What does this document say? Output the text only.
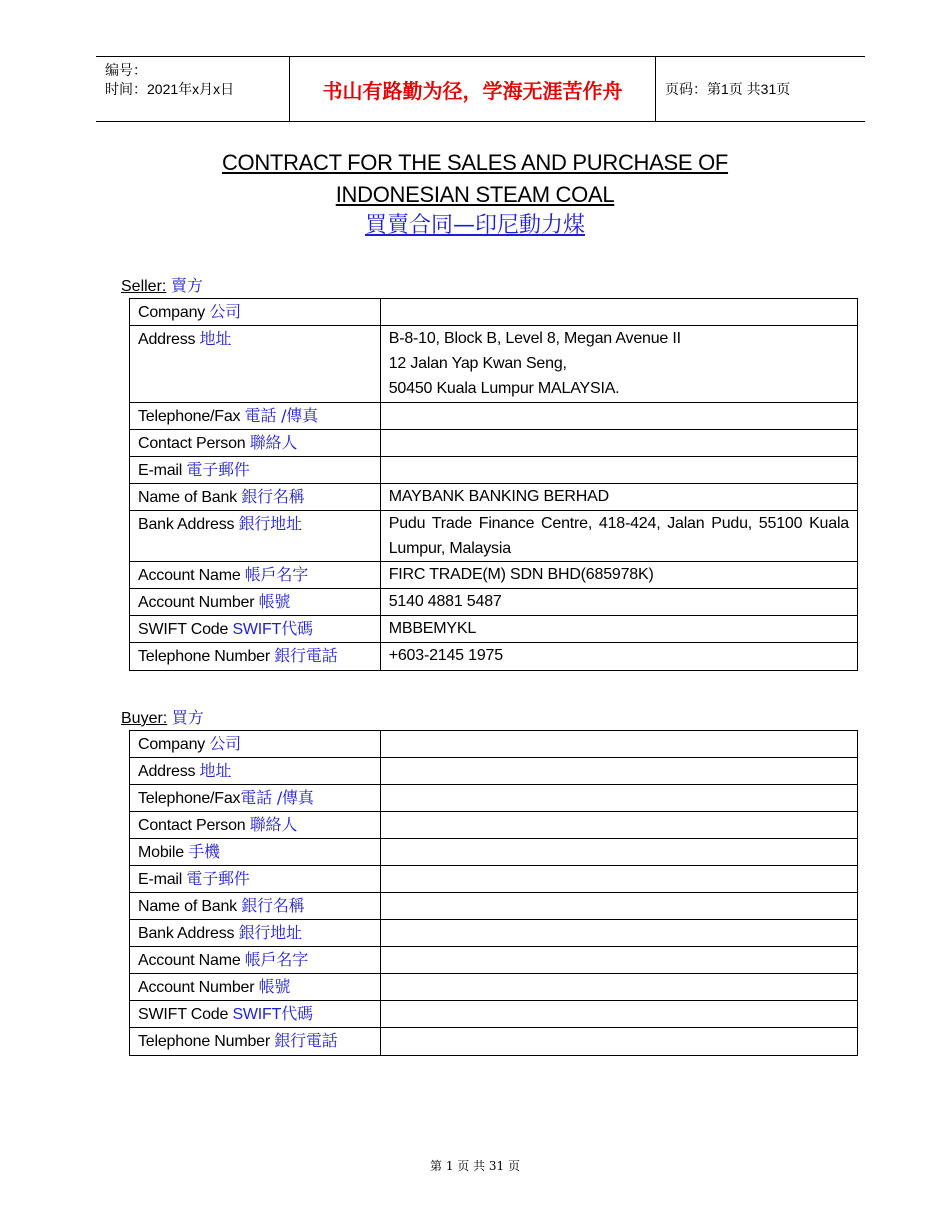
编号：
时间：2021年x月x日	书山有路勤为径，学海无涯苦作舟	页码：第1页 共31页
CONTRACT FOR THE SALES AND PURCHASE OF
INDONESIAN STEAM COAL
買賣合同—印尼動力煤
Seller: 賣方
Company 公司	
Address 地址	B-8-10, Block B, Level 8, Megan Avenue II
12 Jalan Yap Kwan Seng,
50450 Kuala Lumpur MALAYSIA.

Telephone/Fax 電話 /傳真	
Contact Person 聯絡人	
E-mail 電子郵件	
Name of Bank 銀行名稱	MAYBANK BANKING BERHAD
Bank Address 銀行地址	Pudu Trade Finance Centre, 418-424, Jalan Pudu, 55100 Kuala Lumpur, Malaysia
Account Name 帳戶名字	FIRC TRADE(M) SDN BHD(685978K)
Account Number 帳號	5140 4881 5487
SWIFT Code SWIFT代碼	MBBEMYKL
Telephone Number 銀行電話	+603-2145 1975
Buyer: 買方
Company 公司	
Address 地址	
Telephone/Fax電話 /傳真	
Contact Person 聯絡人	
Mobile 手機	
E-mail 電子郵件	
Name of Bank 銀行名稱	
Bank Address 銀行地址	
Account Name 帳戶名字	
Account Number 帳號	
SWIFT Code SWIFT代碼	
Telephone Number 銀行電話	
第 1 页 共 31 页
